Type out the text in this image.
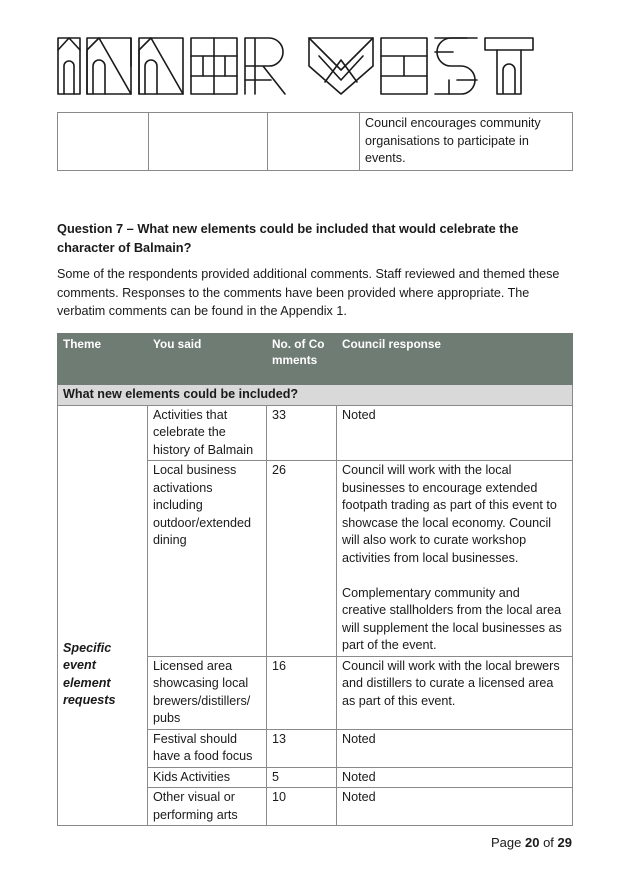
			Council encourages community organisations to participate in events.
Question 7 – What new elements could be included that would celebrate the character of Balmain?
Some of the respondents provided additional comments. Staff reviewed and themed these comments. Responses to the comments have been provided where appropriate. The verbatim comments can be found in the Appendix 1.
Theme	You said	No. of Comments	Council response
What new elements could be included?			
Specific event element requests	Activities that celebrate the history of Balmain	33	Noted
	Local business activations including outdoor/extended dining	26	Council will work with the local businesses to encourage extended footpath trading as part of this event to showcase the local economy. Council will also work to curate workshop activities from local businesses.
Complementary community and creative stallholders from the local area will supplement the local businesses as part of the event.

	Licensed area showcasing local brewers/distillers/ pubs	16	Council will work with the local brewers and distillers to curate a licensed area as part of this event.
	Festival should have a food focus	13	Noted
	Kids Activities	5	Noted
	Other visual or performing arts	10	Noted
Page 20 of 29
